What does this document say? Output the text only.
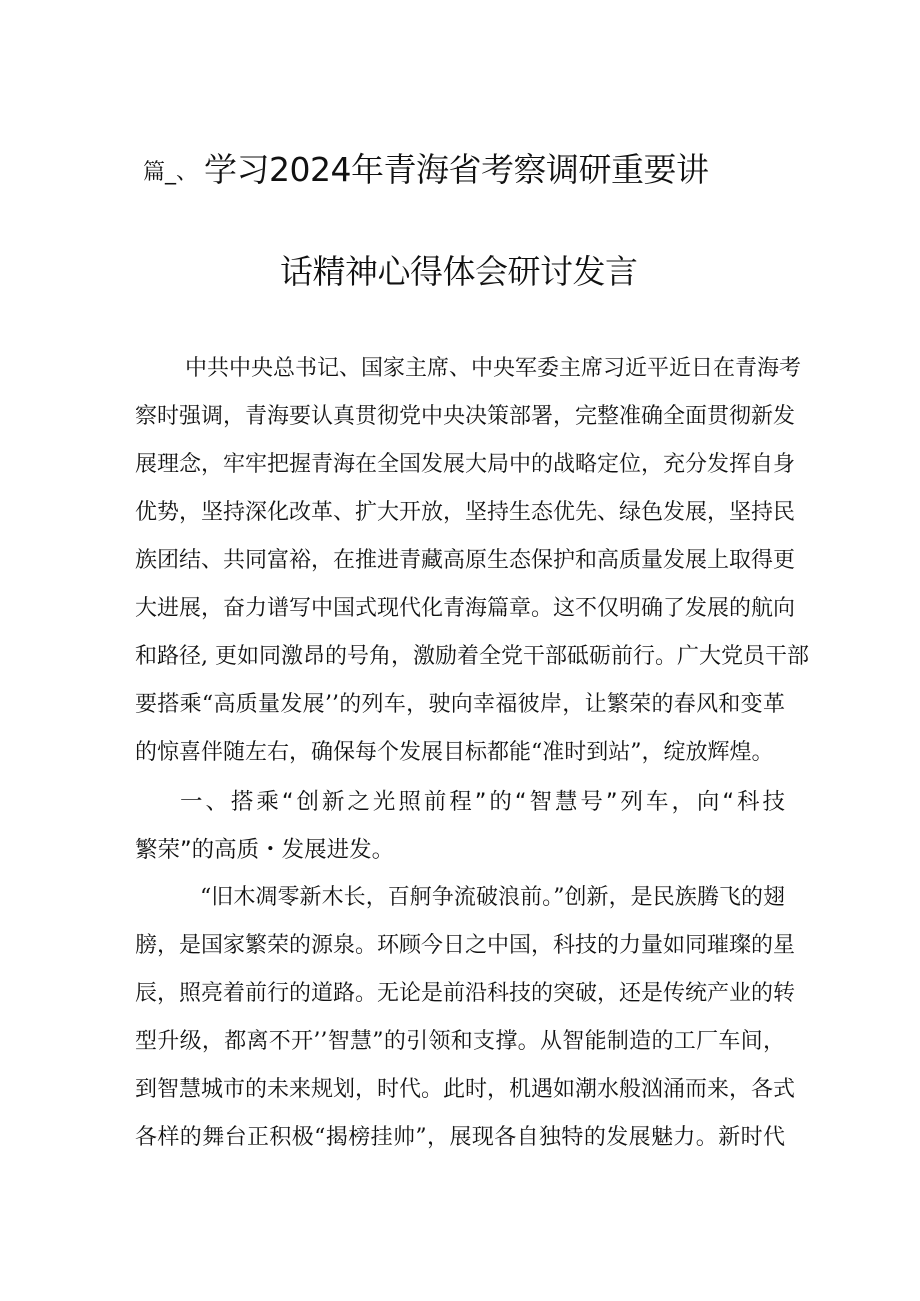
篇_、 学习2024年青海省考察调研重要讲
话精神心得体会研讨发言
中共中央总书记、国家主席、中央军委主席习近平近日在青海考
察时强调，青海要认真贯彻党中央决策部署，完整准确全面贯彻新发
展理念，牢牢把握青海在全国发展大局中的战略定位，充分发挥自身
优势，坚持深化改革、扩大开放，坚持生态优先、绿色发展，坚持民
族团结、共同富裕，在推进青藏高原生态保护和高质量发展上取得更
大进展，奋力谱写中国式现代化青海篇章。这不仅明确了发展的航向
和路径, 更如同激昂的号角，激励着全党干部砥砺前行。广大党员干部
要搭乘“高质量发展’’的列车，驶向幸福彼岸，让繁荣的春风和变革
的惊喜伴随左右，确保每个发展目标都能“准时到站”，绽放辉煌。
一、搭乘“创新之光照前程”的“智慧号”列车，向“科技
繁荣”的高质・发展进发。
“旧木凋零新木长，百舸争流破浪前。”创新，是民族腾飞的翅
膀，是国家繁荣的源泉。环顾今日之中国，科技的力量如同璀璨的星
辰，照亮着前行的道路。无论是前沿科技的突破，还是传统产业的转
型升级，都离不开’’智慧”的引领和支撑。从智能制造的工厂车间，
到智慧城市的未来规划，时代。此时，机遇如潮水般汹涌而来，各式
各样的舞台正积极“揭榜挂帅”，展现各自独特的发展魅力。新时代
